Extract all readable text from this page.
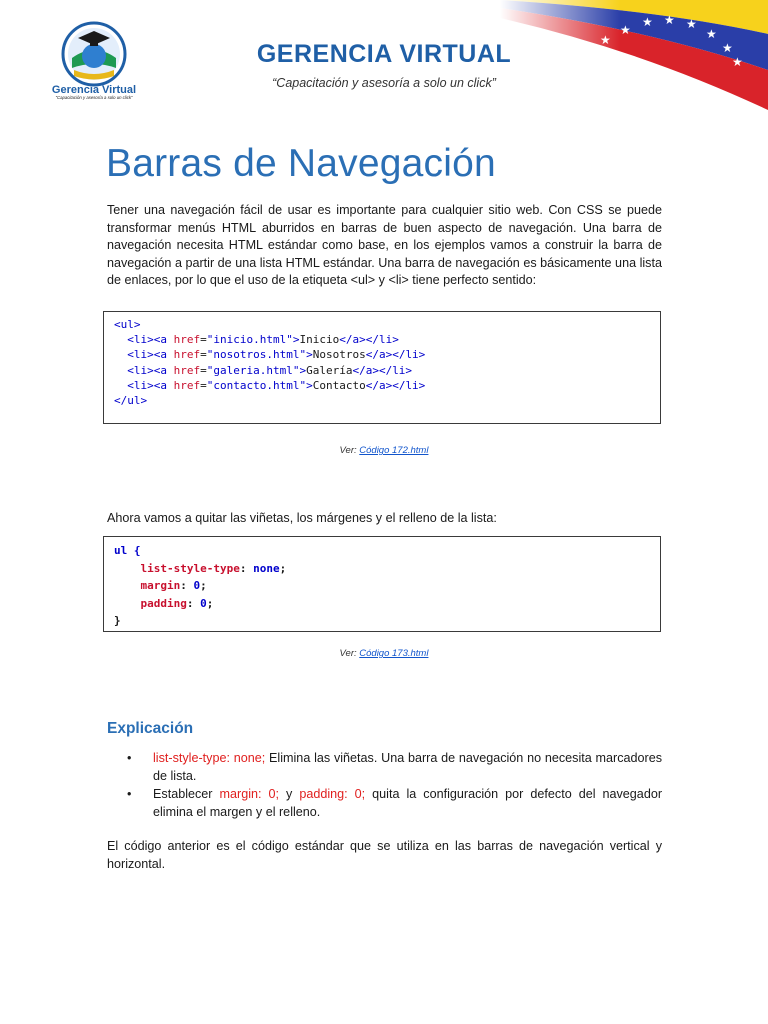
Gerencia Virtual
"Capacitación y asesoría a solo un click"
GERENCIA VIRTUAL
“Capacitación y asesoría a solo un click”
Barras de Navegación
Tener una navegación fácil de usar es importante para cualquier sitio web. Con CSS se puede transformar menús HTML aburridos en barras de buen aspecto de navegación. Una barra de navegación necesita HTML estándar como base, en los ejemplos vamos a construir la barra de navegación a partir de una lista HTML estándar. Una barra de navegación es básicamente una lista de enlaces, por lo que el uso de la etiqueta <ul> y <li> tiene perfecto sentido:
<ul>
<li><a href="inicio.html">Inicio</a></li>
<li><a href="nosotros.html">Nosotros</a></li>
<li><a href="galeria.html">Galería</a></li>
<li><a href="contacto.html">Contacto</a></li>
</ul>
Ver: Código 172.html
Ahora vamos a quitar las viñetas, los márgenes y el relleno de la lista:
ul {
list-style-type: none;
margin: 0;
padding: 0;
}
Ver: Código 173.html
Explicación
• list-style-type: none; Elimina las viñetas. Una barra de navegación no necesita marcadores de lista.
• Establecer margin: 0; y padding: 0; quita la configuración por defecto del navegador elimina el margen y el relleno.
El código anterior es el código estándar que se utiliza en las barras de navegación vertical y horizontal.
